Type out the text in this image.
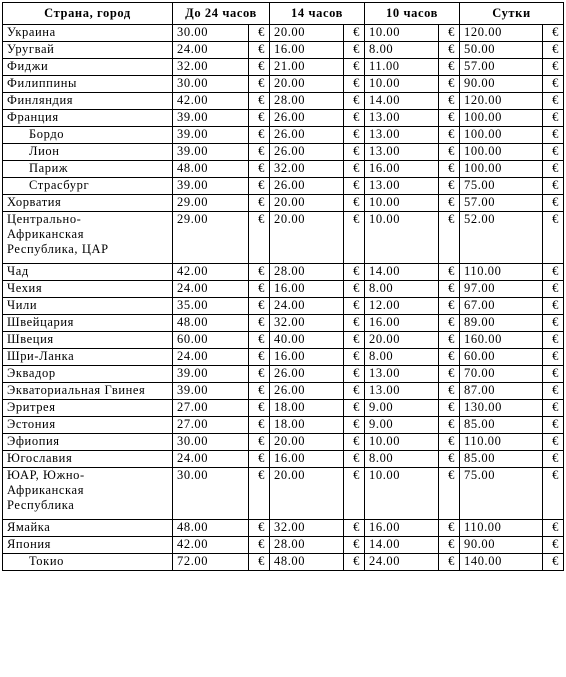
Страна, город	До 24 часов		14 часов		10 часов		Сутки	
Украина	30.00	€	20.00	€	10.00	€	120.00	€
Уругвай	24.00	€	16.00	€	8.00	€	50.00	€
Фиджи	32.00	€	21.00	€	11.00	€	57.00	€
Филиппины	30.00	€	20.00	€	10.00	€	90.00	€
Финляндия	42.00	€	28.00	€	14.00	€	120.00	€
Франция	39.00	€	26.00	€	13.00	€	100.00	€
Бордо	39.00	€	26.00	€	13.00	€	100.00	€
Лион	39.00	€	26.00	€	13.00	€	100.00	€
Париж	48.00	€	32.00	€	16.00	€	100.00	€
Страсбург	39.00	€	26.00	€	13.00	€	75.00	€
Хорватия	29.00	€	20.00	€	10.00	€	57.00	€
Центрально-
Африканская
Республика, ЦАР	29.00	€	20.00	€	10.00	€	52.00	€
Чад	42.00	€	28.00	€	14.00	€	110.00	€
Чехия	24.00	€	16.00	€	8.00	€	97.00	€
Чили	35.00	€	24.00	€	12.00	€	67.00	€
Швейцария	48.00	€	32.00	€	16.00	€	89.00	€
Швеция	60.00	€	40.00	€	20.00	€	160.00	€
Шри-Ланка	24.00	€	16.00	€	8.00	€	60.00	€
Эквадор	39.00	€	26.00	€	13.00	€	70.00	€
Экваториальная Гвинея	39.00	€	26.00	€	13.00	€	87.00	€
Эритрея	27.00	€	18.00	€	9.00	€	130.00	€
Эстония	27.00	€	18.00	€	9.00	€	85.00	€
Эфиопия	30.00	€	20.00	€	10.00	€	110.00	€
Югославия	24.00	€	16.00	€	8.00	€	85.00	€
ЮАР, Южно-
Африканская
Республика	30.00	€	20.00	€	10.00	€	75.00	€
Ямайка	48.00	€	32.00	€	16.00	€	110.00	€
Япония	42.00	€	28.00	€	14.00	€	90.00	€
Токио	72.00	€	48.00	€	24.00	€	140.00	€
